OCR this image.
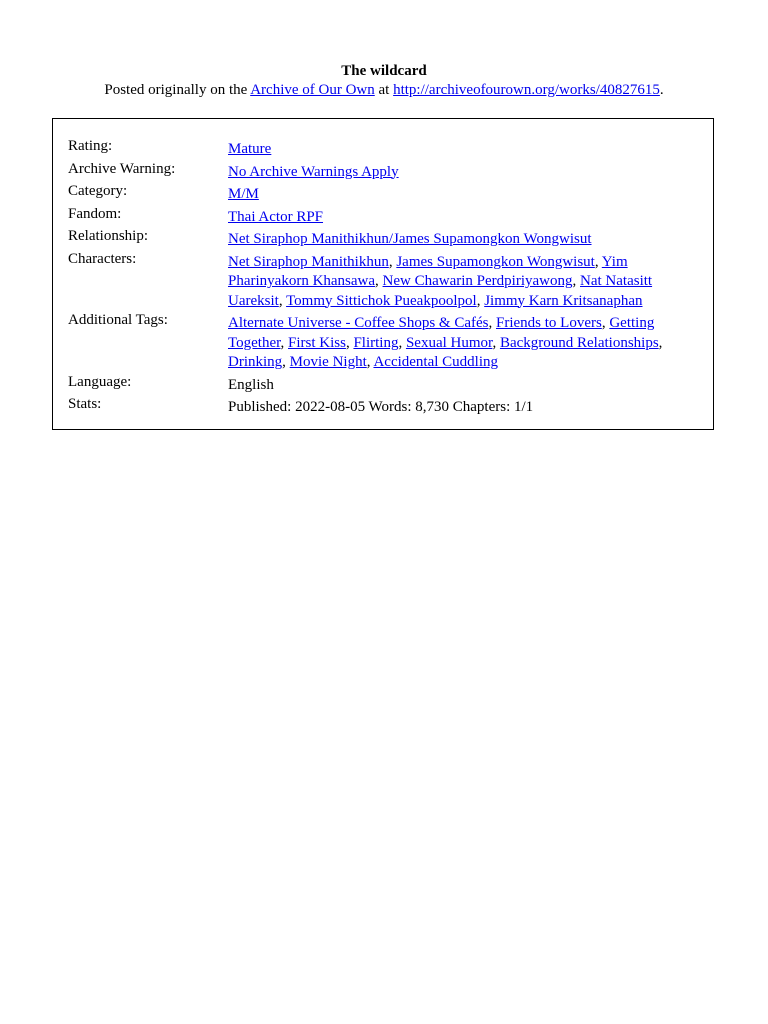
The wildcard
Posted originally on the Archive of Our Own at http://archiveofourown.org/works/40827615.
Rating:	Mature
Archive Warning:	No Archive Warnings Apply
Category:	M/M
Fandom:	Thai Actor RPF
Relationship:	Net Siraphop Manithikhun/James Supamongkon Wongwisut
Characters:	Net Siraphop Manithikhun, James Supamongkon Wongwisut, Yim Pharinyakorn Khansawa, New Chawarin Perdpiriyawong, Nat Natasitt Uareksit, Tommy Sittichok Pueakpoolpol, Jimmy Karn Kritsanaphan
Additional Tags:	Alternate Universe - Coffee Shops & Cafés, Friends to Lovers, Getting Together, First Kiss, Flirting, Sexual Humor, Background Relationships, Drinking, Movie Night, Accidental Cuddling
Language:	English
Stats:	Published: 2022-08-05 Words: 8,730 Chapters: 1/1
